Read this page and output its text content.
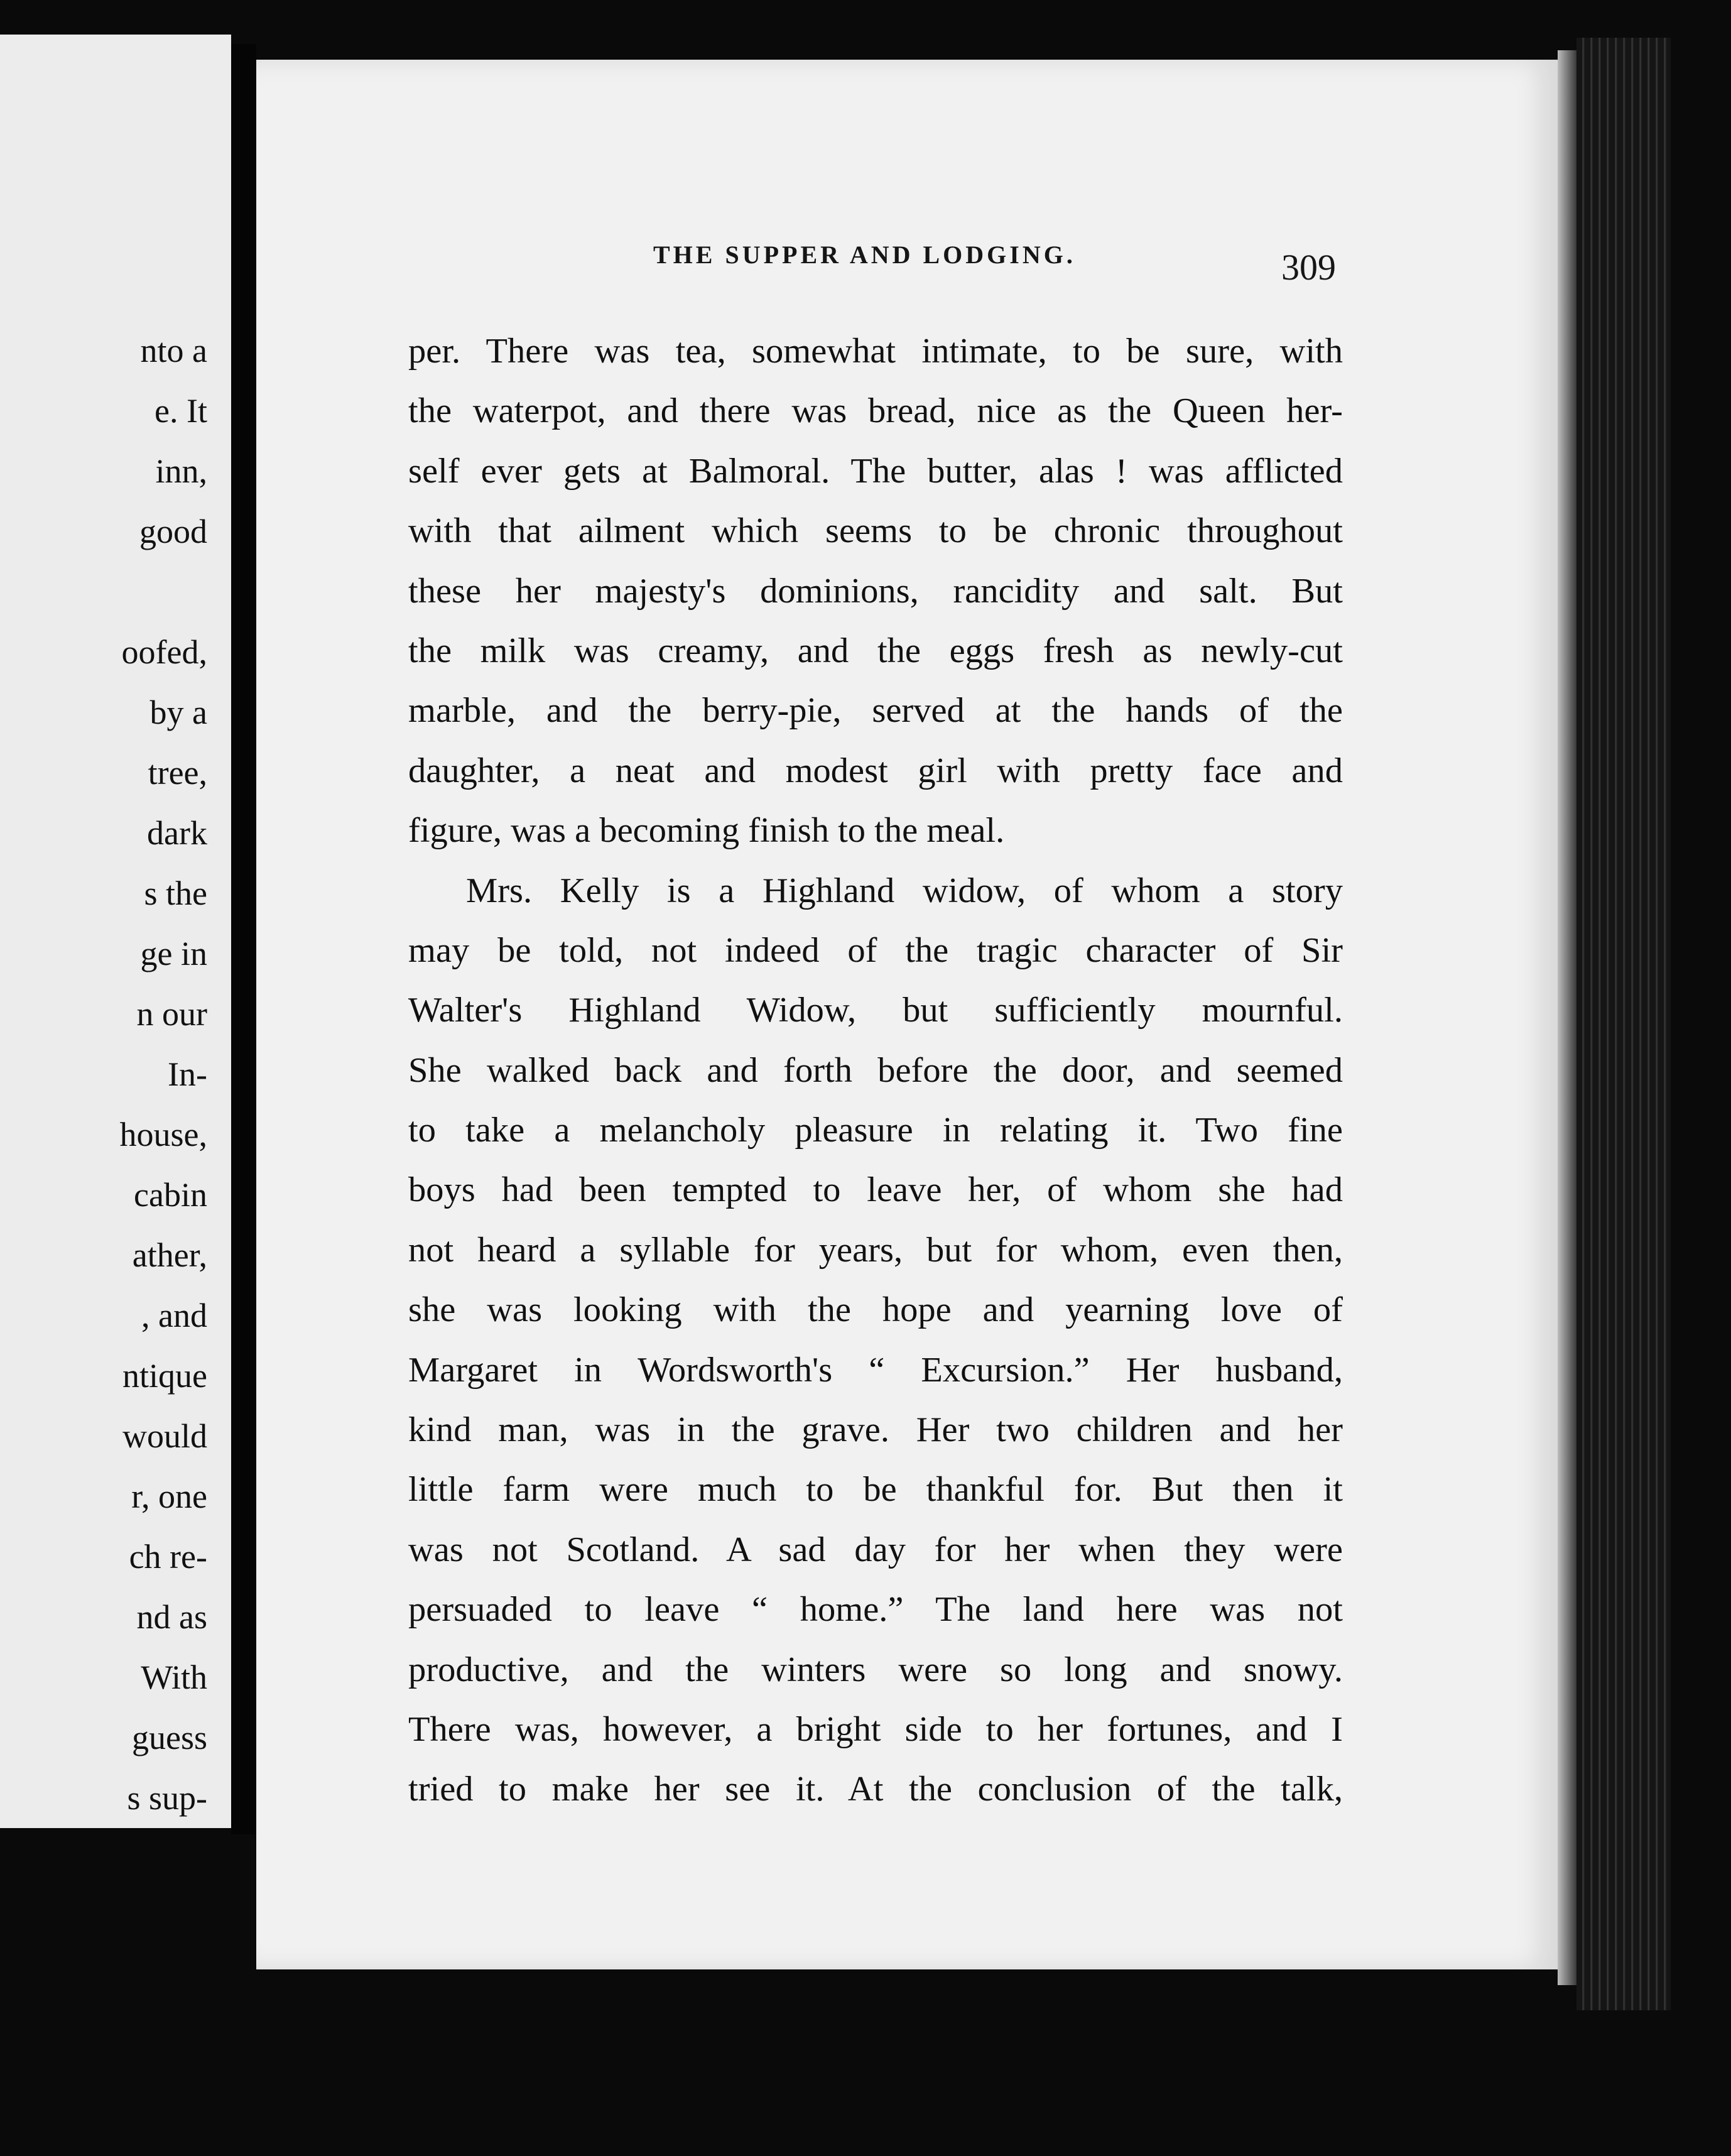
nto a
e. It
inn,
good
oofed,
by a
tree,
dark
s the
ge in
n our
In-
house,
cabin
ather,
, and
ntique
would
r, one
ch re-
nd as
With
guess
s sup-
THE SUPPER AND LODGING.	309
per. There was tea, somewhat intimate, to be sure, with
the waterpot, and there was bread, nice as the Queen her-
self ever gets at Balmoral. The butter, alas ! was afflicted
with that ailment which seems to be chronic throughout
these her majesty's dominions, rancidity and salt. But
the milk was creamy, and the eggs fresh as newly-cut
marble, and the berry-pie, served at the hands of the
daughter, a neat and modest girl with pretty face and
figure, was a becoming finish to the meal.
Mrs. Kelly is a Highland widow, of whom a story
may be told, not indeed of the tragic character of Sir
Walter's Highland Widow, but sufficiently mournful.
She walked back and forth before the door, and seemed
to take a melancholy pleasure in relating it. Two fine
boys had been tempted to leave her, of whom she had
not heard a syllable for years, but for whom, even then,
she was looking with the hope and yearning love of
Margaret in Wordsworth's “ Excursion.” Her husband,
kind man, was in the grave. Her two children and her
little farm were much to be thankful for. But then it
was not Scotland. A sad day for her when they were
persuaded to leave “ home.” The land here was not
productive, and the winters were so long and snowy.
There was, however, a bright side to her fortunes, and I
tried to make her see it. At the conclusion of the talk,
